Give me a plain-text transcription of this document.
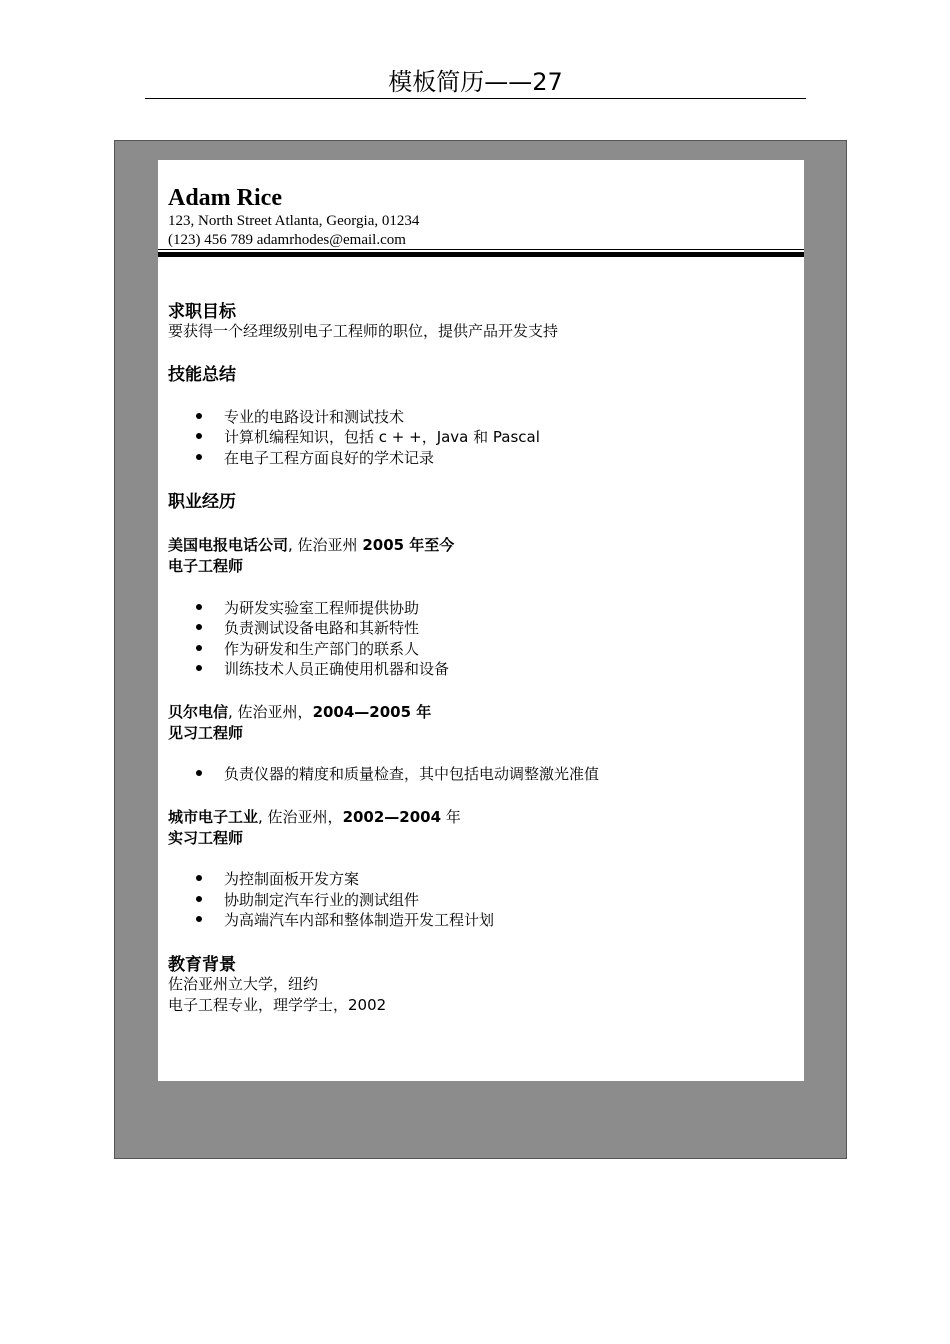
模板简历——27
Adam Rice
123, North Street Atlanta, Georgia, 01234
(123) 456 789 adamrhodes@email.com
求职目标
要获得一个经理级别电子工程师的职位，提供产品开发支持
技能总结
专业的电路设计和测试技术
计算机编程知识，包括 c + +，Java 和 Pascal
在电子工程方面良好的学术记录
职业经历
美国电报电话公司, 佐治亚州 2005 年至今
电子工程师
为研发实验室工程师提供协助
负责测试设备电路和其新特性
作为研发和生产部门的联系人
训练技术人员正确使用机器和设备
贝尔电信, 佐治亚州，2004—2005 年
见习工程师
负责仪器的精度和质量检查，其中包括电动调整激光准值
城市电子工业, 佐治亚州，2002—2004 年
实习工程师
为控制面板开发方案
协助制定汽车行业的测试组件
为高端汽车内部和整体制造开发工程计划
教育背景
佐治亚州立大学，纽约
电子工程专业，理学学士，2002
